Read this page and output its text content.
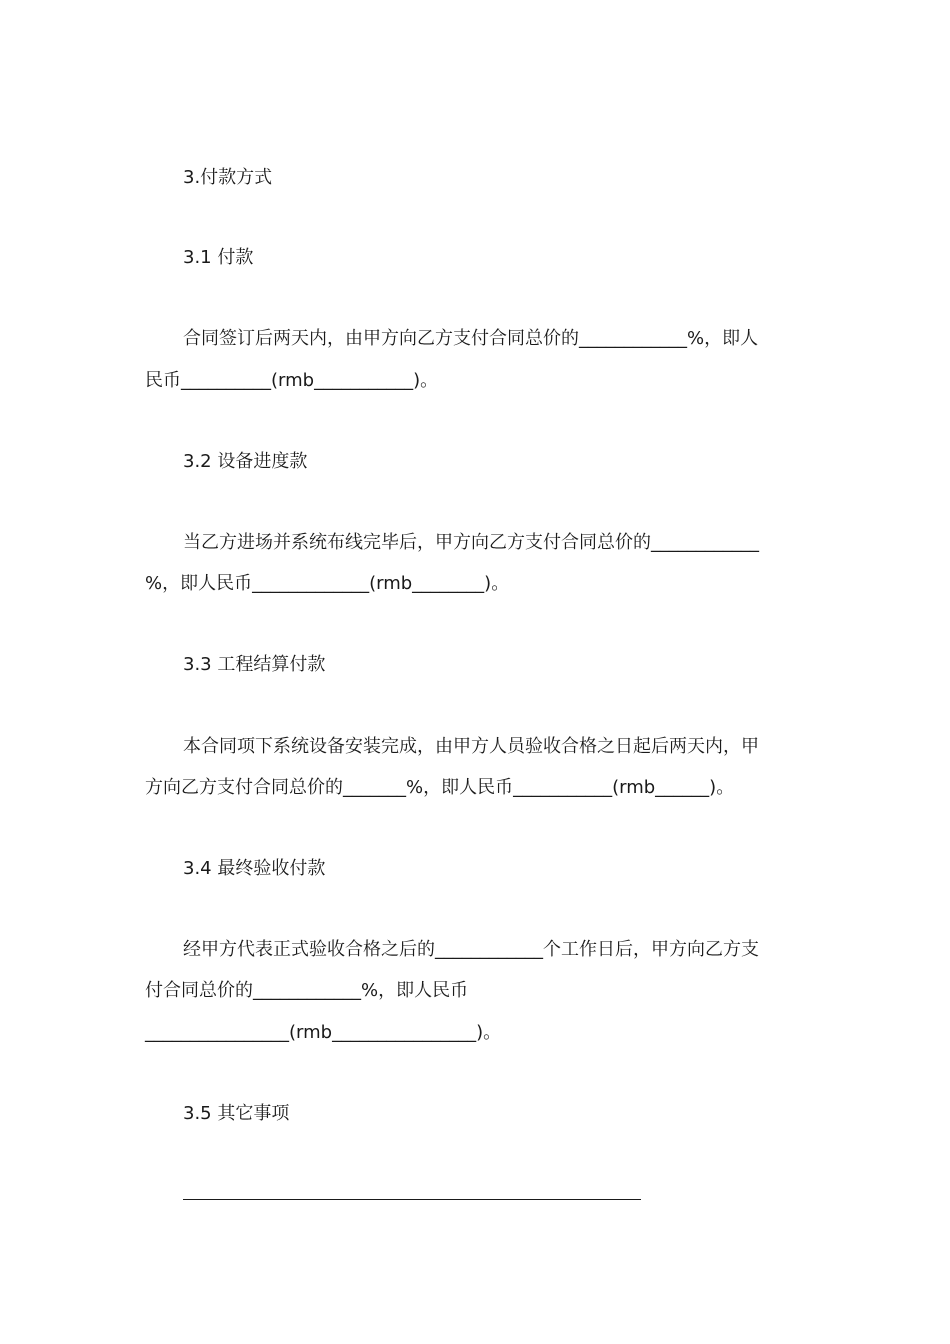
3.付款方式
3.1 付款
合同签订后两天内，由甲方向乙方支付合同总价的____________%，即人
民币__________(rmb___________)。
3.2 设备进度款
当乙方进场并系统布线完毕后，甲方向乙方支付合同总价的____________
%，即人民币_____________(rmb________)。
3.3 工程结算付款
本合同项下系统设备安装完成，由甲方人员验收合格之日起后两天内，甲
方向乙方支付合同总价的_______%，即人民币___________(rmb______)。
3.4 最终验收付款
经甲方代表正式验收合格之后的____________个工作日后，甲方向乙方支
付合同总价的____________%，即人民币
________________(rmb________________)。
3.5 其它事项
